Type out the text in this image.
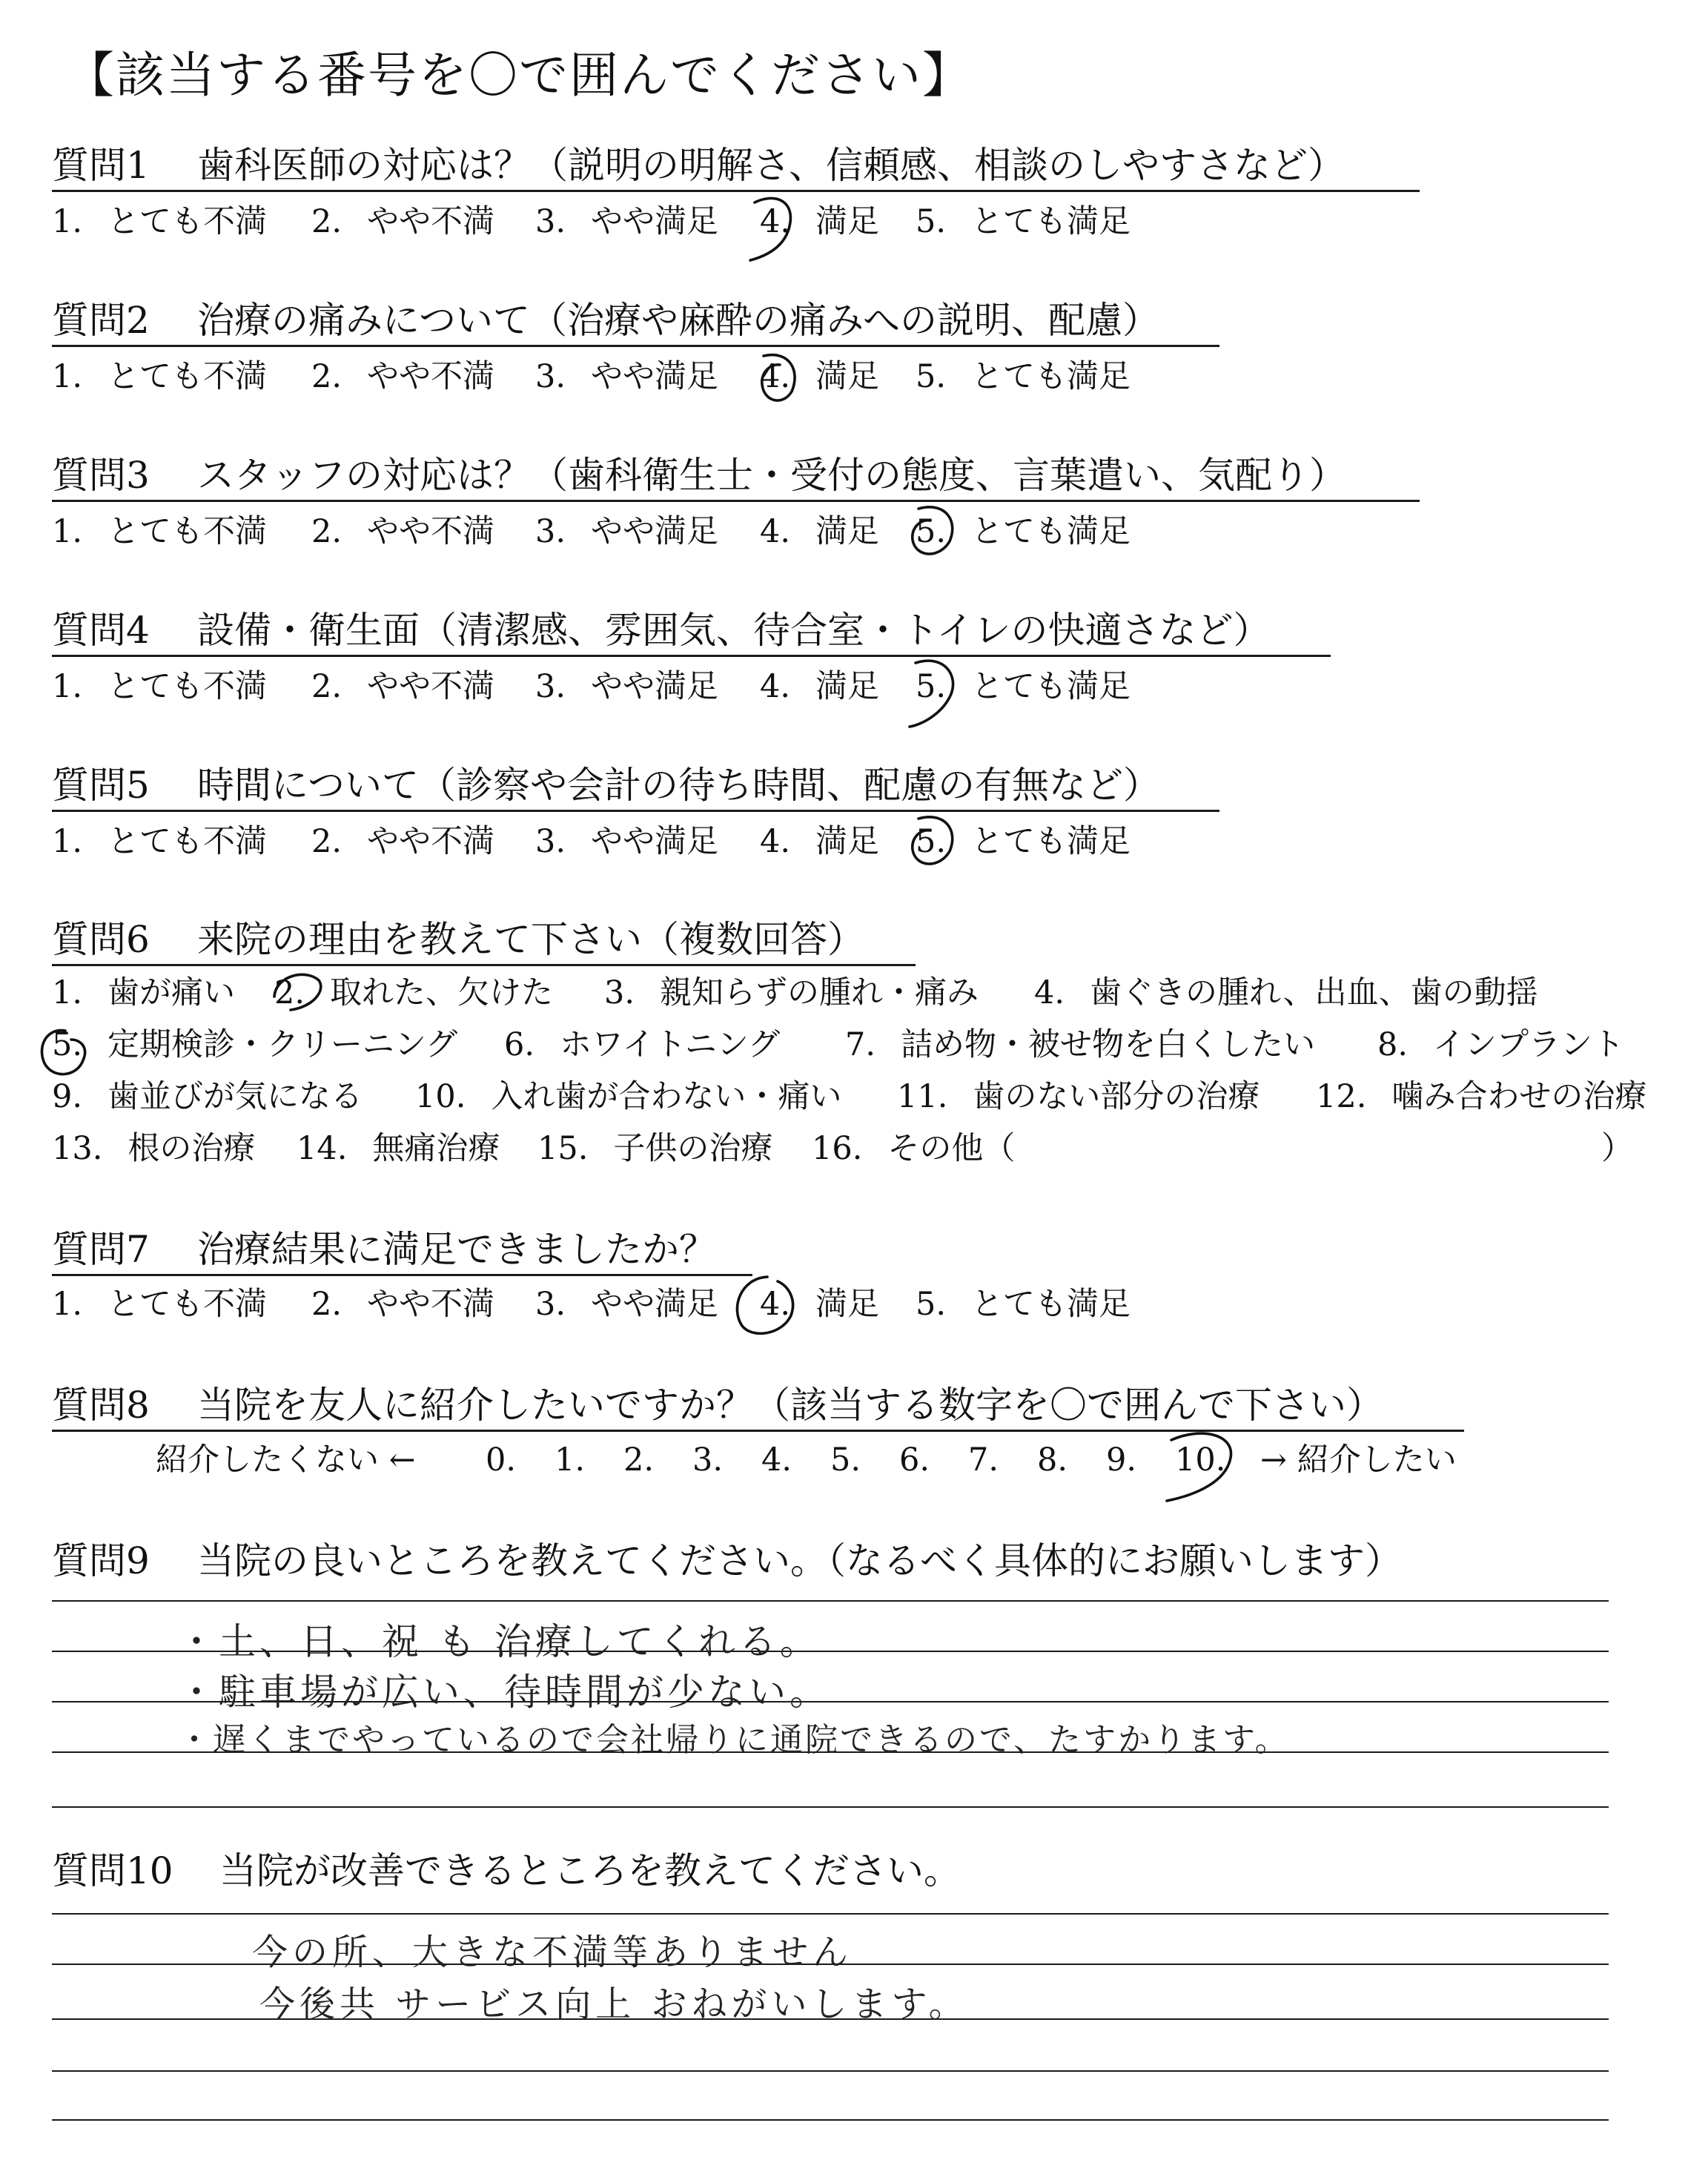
【該当する番号を〇で囲んでください】
質問1 歯科医師の対応は？（説明の明解さ、信頼感、相談のしやすさなど）
1. とても不満 2. やや不満 3. やや満足 4. 満足 5. とても満足
質問2 治療の痛みについて（治療や麻酔の痛みへの説明、配慮）
1. とても不満 2. やや不満 3. やや満足 4. 満足 5. とても満足
質問3 スタッフの対応は？（歯科衛生士・受付の態度、言葉遣い、気配り）
1. とても不満 2. やや不満 3. やや満足 4. 満足 5. とても満足
質問4 設備・衛生面（清潔感、雰囲気、待合室・トイレの快適さなど）
1. とても不満 2. やや不満 3. やや満足 4. 満足 5. とても満足
質問5 時間について（診察や会計の待ち時間、配慮の有無など）
1. とても不満 2. やや不満 3. やや満足 4. 満足 5. とても満足
質問6 来院の理由を教えて下さい（複数回答）
1. 歯が痛い 2. 取れた、欠けた 3. 親知らずの腫れ・痛み 4. 歯ぐきの腫れ、出血、歯の動揺
5. 定期検診・クリーニング 6. ホワイトニング 7. 詰め物・被せ物を白くしたい 8. インプラント
9. 歯並びが気になる 10. 入れ歯が合わない・痛い 11. 歯のない部分の治療 12. 噛み合わせの治療
13. 根の治療 14. 無痛治療 15. 子供の治療 16. その他（	）
質問7 治療結果に満足できましたか？
1. とても不満 2. やや不満 3. やや満足 4. 満足 5. とても満足
質問8 当院を友人に紹介したいですか？（該当する数字を〇で囲んで下さい）
紹介したくない ← 0. 1. 2. 3. 4. 5. 6. 7. 8. 9. 10. → 紹介したい
質問9 当院の良いところを教えてください。（なるべく具体的にお願いします）
・土、日、祝 も 治療してくれる。
・駐車場が広い、待時間が少ない。
・遅くまでやっているので会社帰りに通院できるので、たすかります。
質問10 当院が改善できるところを教えてください。
今の所、大きな不満等ありません
今後共 サービス向上 おねがいします。
